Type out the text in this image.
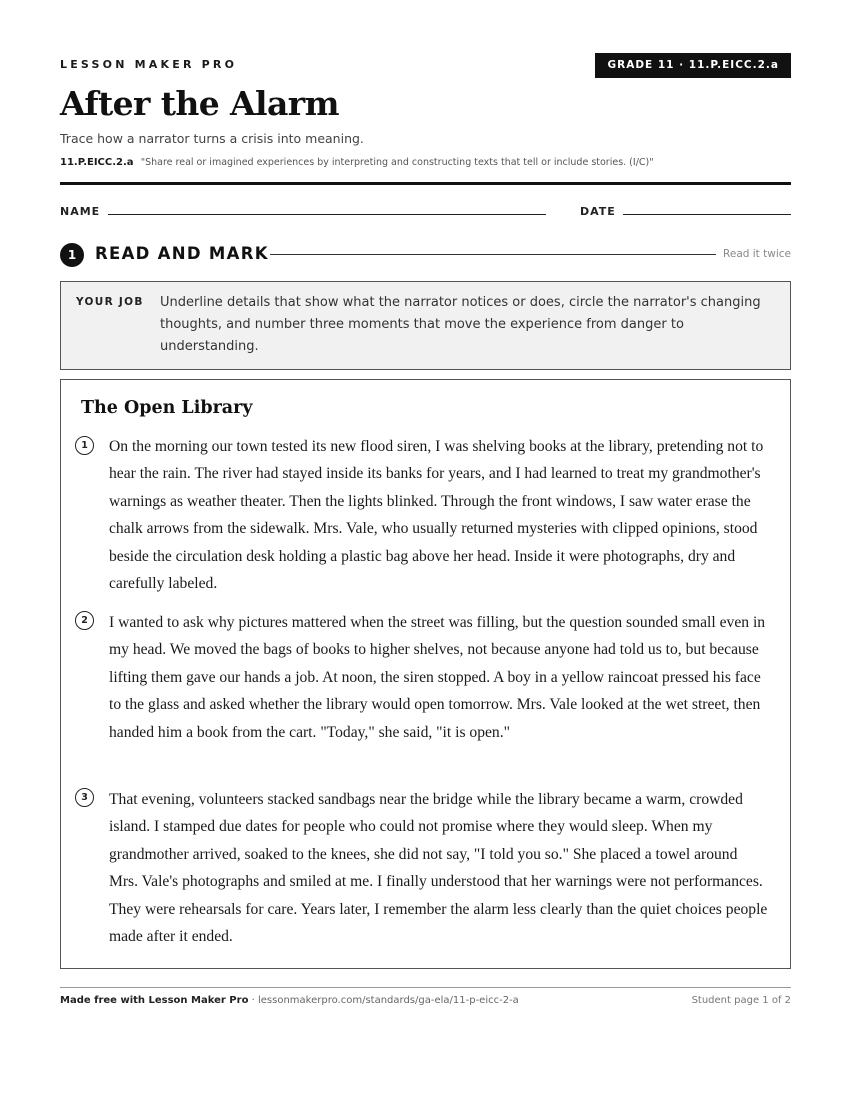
LESSON MAKER PRO	GRADE 11 · 11.P.EICC.2.a
After the Alarm
Trace how a narrator turns a crisis into meaning.
11.P.EICC.2.a "Share real or imagined experiences by interpreting and constructing texts that tell or include stories. (I/C)"
NAME	DATE
1	READ AND MARK	Read it twice
YOUR JOB Underline details that show what the narrator notices or does, circle the narrator's changing thoughts, and number three moments that move the experience from danger to understanding.
The Open Library
1	On the morning our town tested its new flood siren, I was shelving books at the library, pretending not to hear the rain. The river had stayed inside its banks for years, and I had learned to treat my grandmother's warnings as weather theater. Then the lights blinked. Through the front windows, I saw water erase the chalk arrows from the sidewalk. Mrs. Vale, who usually returned mysteries with clipped opinions, stood beside the circulation desk holding a plastic bag above her head. Inside it were photographs, dry and carefully labeled.
2	I wanted to ask why pictures mattered when the street was filling, but the question sounded small even in my head. We moved the bags of books to higher shelves, not because anyone had told us to, but because lifting them gave our hands a job. At noon, the siren stopped. A boy in a yellow raincoat pressed his face to the glass and asked whether the library would open tomorrow. Mrs. Vale looked at the wet street, then handed him a book from the cart. "Today," she said, "it is open."
3	That evening, volunteers stacked sandbags near the bridge while the library became a warm, crowded island. I stamped due dates for people who could not promise where they would sleep. When my grandmother arrived, soaked to the knees, she did not say, "I told you so." She placed a towel around Mrs. Vale's photographs and smiled at me. I finally understood that her warnings were not performances. They were rehearsals for care. Years later, I remember the alarm less clearly than the quiet choices people made after it ended.
Made free with Lesson Maker Pro · lessonmakerpro.com/standards/ga-ela/11-p-eicc-2-a	Student page 1 of 2
